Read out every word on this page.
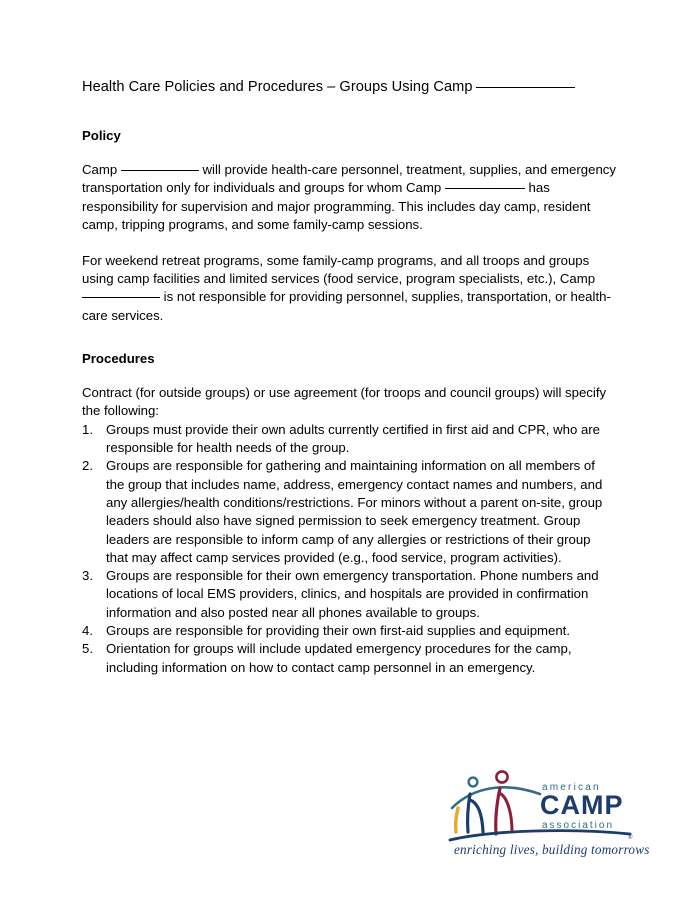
Health Care Policies and Procedures – Groups Using Camp
Policy

Camp	will provide health-care personnel, treatment, supplies, and emergency transportation only for individuals and groups for whom Camp	has responsibility for supervision and major programming. This includes day camp, resident camp, tripping programs, and some family-camp sessions.

For weekend retreat programs, some family-camp programs, and all troops and groups using camp facilities and limited services (food service, program specialists, etc.), Camp  is not responsible for providing personnel, supplies, transportation, or health-care services.

Procedures

Contract (for outside groups) or use agreement (for troops and council groups) will specify the following:

1. Groups must provide their own adults currently certified in first aid and CPR, who are responsible for health needs of the group.
2. Groups are responsible for gathering and maintaining information on all members of the group that includes name, address, emergency contact names and numbers, and any allergies/health conditions/restrictions. For minors without a parent on-site, group leaders should also have signed permission to seek emergency treatment. Group leaders are responsible to inform camp of any allergies or restrictions of their group that may affect camp services provided (e.g., food service, program activities).
3. Groups are responsible for their own emergency transportation. Phone numbers and locations of local EMS providers, clinics, and hospitals are provided in confirmation information and also posted near all phones available to groups.
4. Groups are responsible for providing their own first-aid supplies and equipment.
5. Orientation for groups will include updated emergency procedures for the camp, including information on how to contact camp personnel in an emergency.
american
CAMP
association
®
enriching lives, building tomorrows
